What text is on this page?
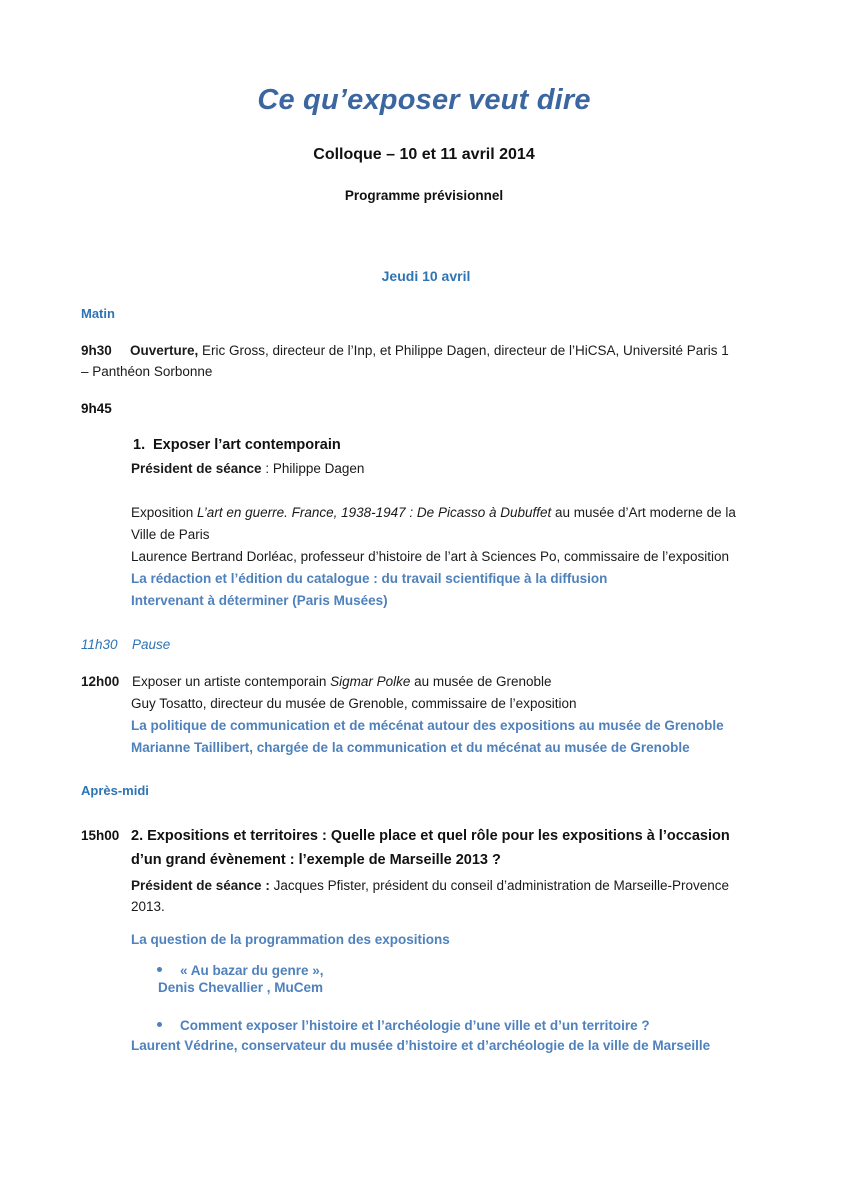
Ce qu’exposer veut dire
Colloque – 10 et 11 avril 2014
Programme prévisionnel
Jeudi 10 avril
Matin
9h30 Ouverture, Eric Gross, directeur de l’Inp, et Philippe Dagen, directeur de l’HiCSA, Université Paris 1
– Panthéon Sorbonne
9h45
1. Exposer l’art contemporain
Président de séance : Philippe Dagen
Exposition L’art en guerre. France, 1938-1947 : De Picasso à Dubuffet au musée d’Art moderne de la
Ville de Paris
Laurence Bertrand Dorléac, professeur d’histoire de l’art à Sciences Po, commissaire de l’exposition
La rédaction et l’édition du catalogue : du travail scientifique à la diffusion
Intervenant à déterminer (Paris Musées)
11h30 Pause
12h00 Exposer un artiste contemporain Sigmar Polke au musée de Grenoble
Guy Tosatto, directeur du musée de Grenoble, commissaire de l’exposition
La politique de communication et de mécénat autour des expositions au musée de Grenoble
Marianne Taillibert, chargée de la communication et du mécénat au musée de Grenoble
Après-midi
15h00 2. Expositions et territoires : Quelle place et quel rôle pour les expositions à l’occasion
d’un grand évènement : l’exemple de Marseille 2013 ?
Président de séance : Jacques Pfister, président du conseil d’administration de Marseille-Provence
2013.
La question de la programmation des expositions
« Au bazar du genre »,
Denis Chevallier , MuCem
Comment exposer l’histoire et l’archéologie d’une ville et d’un territoire ?
Laurent Védrine, conservateur du musée d’histoire et d’archéologie de la ville de Marseille
